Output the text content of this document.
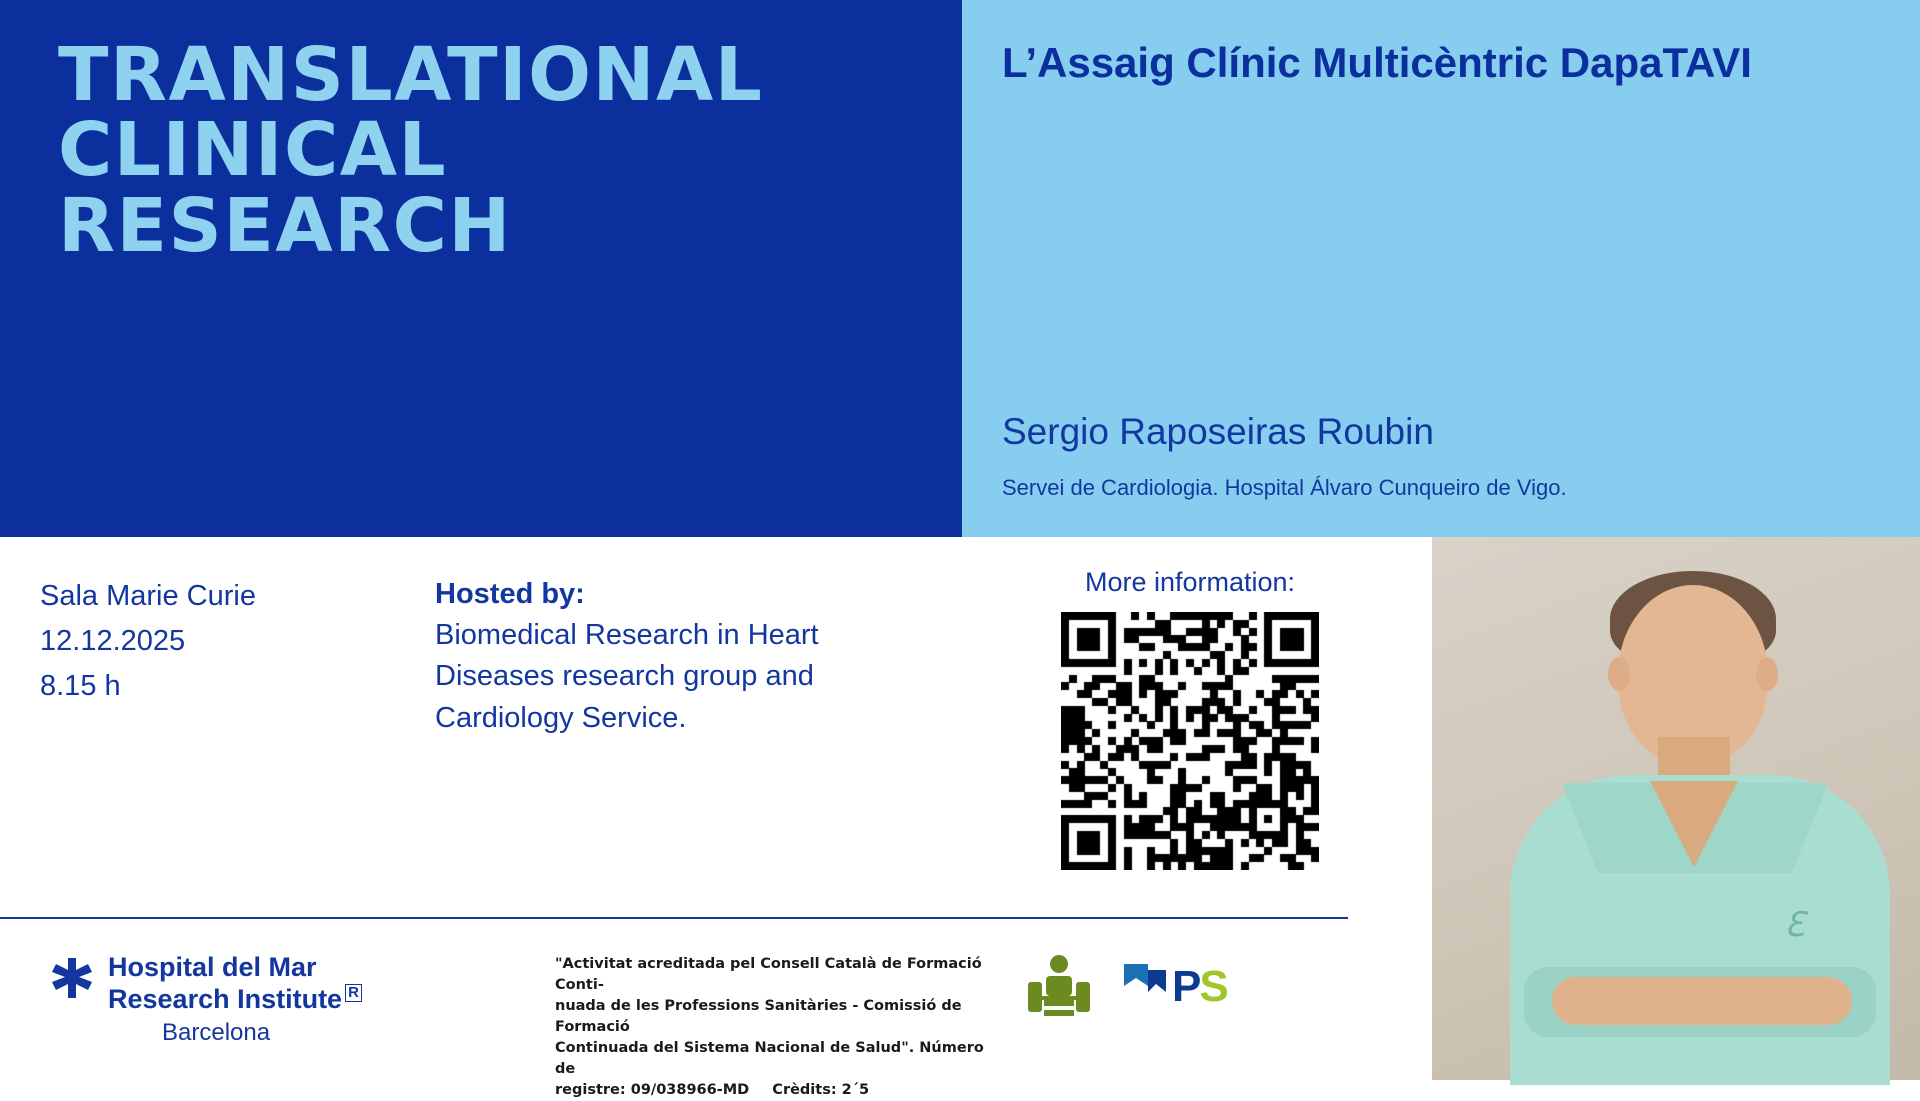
TRANSLATIONAL
CLINICAL
RESEARCH
L’Assaig Clínic Multicèntric DapaTAVI
Sergio Raposeiras Roubin
Servei de Cardiologia. Hospital Álvaro Cunqueiro de Vigo.
Sala Marie Curie
12.12.2025
8.15 h
Hosted by:
Biomedical Research in Heart Diseases research group and Cardiology Service.
More information:
ℇ
Hospital del Mar
Research Institute R
Barcelona
"Activitat acreditada pel Consell Català de Formació Conti-
nuada de les Professions Sanitàries - Comissió de Formació
Continuada del Sistema Nacional de Salud". Número de
registre: 09/038966-MD Crèdits: 2´5
PS
